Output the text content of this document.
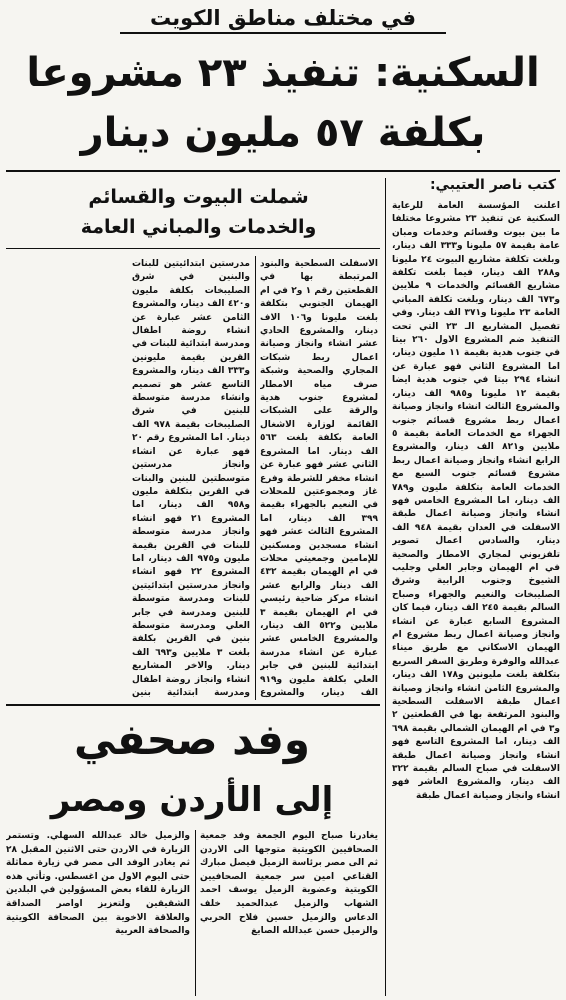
في مختلف مناطق الكويت
السكنية: تنفيذ ٢٣ مشروعا
بكلفة ٥٧ مليون دينار
كتب ناصر العتيبي:
شملت البيوت والقسائم
والخدمات والمباني العامة

اعلنت المؤسسة العامة للرعاية السكنية عن تنفيذ ٢٣ مشروعا مختلفا ما بين بيوت وقسائم وخدمات ومبان عامة بقيمة ٥٧ مليونا و٣٣٣ الف دينار، وبلغت تكلفة مشاريع البيوت ٢٤ مليونا و٢٨٨ الف دينار، فيما بلغت تكلفة مشاريع القسائم والخدمات ٩ ملايين و٦٧٣ الف دينار، وبلغت تكلفة المباني العامة ٢٣ مليونا و٣٧١ الف دينار. وفي تفصيل المشاريع الـ ٢٣ التي تحت التنفيذ ضم المشروع الاول ٢٦٠ بيتا في جنوب هدية بقيمة ١١ مليون دينار، اما المشروع الثاني فهو عبارة عن انشاء ٢٩٤ بيتا في جنوب هدية ايضا بقيمة ١٢ مليونا و٩٨٥ الف دينار، والمشروع الثالث انشاء وانجاز وصيانة اعمال ربط مشروع قسائم جنوب الجهراء مع الخدمات العامة بقيمة ٥ ملايين و٨٢١ الف دينار، والمشروع الرابع انشاء وانجاز وصيانة اعمال ربط مشروع قسائم جنوب السبع مع الخدمات العامة بتكلفة مليون و٧٨٩ الف دينار، اما المشروع الخامس فهو انشاء وانجاز وصيانة اعمال طبقة الاسفلت في العدان بقيمة ٩٤٨ الف دينار، والسادس اعمال تصوير تلفزيوني لمجاري الامطار والصحية في ام الهيمان وجابر العلي وجليب الشيوخ وجنوب الرابية وشرق الصليبخات والنعيم والجهراء وصباح السالم بقيمة ٢٤٥ الف دينار، فيما كان المشروع السابع عبارة عن انشاء وانجاز وصيانة اعمال ربط مشروع ام الهيمان الاسكاني مع طريق ميناء عبدالله والوفرة وطريق السفر السريع بتكلفة بلغت مليونين و١٧٨ الف دينار، والمشروع الثامن انشاء وانجاز وصيانة اعمال طبقة الاسفلت السطحية والبنود المرتفعة بها في القطعتين ٢ و٣ في ام الهيمان الشمالي بقيمة ٦٩٨ الف دينار، اما المشروع التاسع فهو انشاء وانجاز وصيانة اعمال طبقة الاسفلت في صباح السالم بقيمة ٣٢٢ الف دينار، والمشروع العاشر فهو انشاء وانجاز وصيانة اعمال طبقة

الاسفلت السطحية والبنود المرتبطة بها في القطعتين رقم ١ و٢ في ام الهيمان الجنوبي بتكلفة بلغت مليونا و١٠٦ الاف دينار، والمشروع الحادي عشر انشاء وانجاز وصيانة اعمال ربط شبكات المجاري والصحية وشبكة صرف مياه الامطار لمشروع جنوب هدية والرقة على الشبكات القائمة لوزارة الاشغال العامة بكلفة بلغت ٥٦٣ الف دينار. اما المشروع الثاني عشر فهو عبارة عن انشاء مخفر للشرطة وفرع غاز ومجموعتين للمحلات في النعيم بالجهراء بقيمة ٣٩٩ الف دينار، اما المشروع الثالث عشر فهو انشاء مسجدين ومسكنين للإمامين وجمعيتي محلات في ام الهيمان بقيمة ٤٣٢ الف دينار والرابع عشر انشاء مركز ضاحية رئيسي في ام الهيمان بقيمة ٣ ملايين و٥٢٢ الف دينار، والمشروع الخامس عشر عبارة عن انشاء مدرسة ابتدائية للبنين في جابر العلي بكلفة مليون و٩١٩ الف دينار، والمشروع

مدرستين ابتدائيتين للبنات والبنين في شرق الصليبخات بكلفة مليون و٤٢٠ الف دينار، والمشروع الثامن عشر عبارة عن انشاء روضة اطفال ومدرسة ابتدائية للبنات في القرين بقيمة مليونين و٣٣٣ الف دينار، والمشروع التاسع عشر هو تصميم وانشاء مدرسة متوسطة للبنين في شرق الصليبخات بقيمة ٩٧٨ الف دينار. اما المشروع رقم ٢٠ فهو عبارة عن انشاء وانجاز مدرستين متوسطتين للبنين والبنات في القرين بتكلفة مليون و٩٥٨ الف دينار، اما المشروع ٢١ فهو انشاء وانجاز مدرسة متوسطة للبنات في القرين بقيمة مليون و٩٧٥ الف دينار، اما المشروع ٢٢ فهو انشاء وانجاز مدرستين ابتدائيتين للبنات ومدرسة متوسطة للبنين ومدرسة في جابر العلي ومدرسة متوسطة بنين في القرين بكلفة بلغت ٣ ملايين و٦٩٣ الف دينار. والاخر المشاريع انشاء وانجاز روضة اطفال ومدرسة ابتدائية بنين

وفد صحفي
إلى الأردن ومصر
يغادرنا صباح اليوم الجمعة وفد جمعية الصحافيين الكويتية متوجها الى الاردن ثم الى مصر برئاسة الزميل فيصل مبارك القناعي امين سر جمعية الصحافيين الكويتية وعضوية الزميل يوسف احمد الشهاب والزميل عبدالحميد خلف الدعاس والزميل حسين فلاح الحربي والزميل حسن عبدالله الصايغ
والزميل خالد عبدالله السهلي. وتستمر الزيارة في الاردن حتى الاثنين المقبل ٢٨ ثم يغادر الوفد الى مصر في زيارة مماثلة حتى اليوم الاول من اغسطس. وتأتي هذه الزيارة للقاء بعض المسؤولين في البلدين الشقيقين ولتعزيز اواصر الصداقة والعلاقة الاخوية بين الصحافة الكويتية والصحافة العربية
